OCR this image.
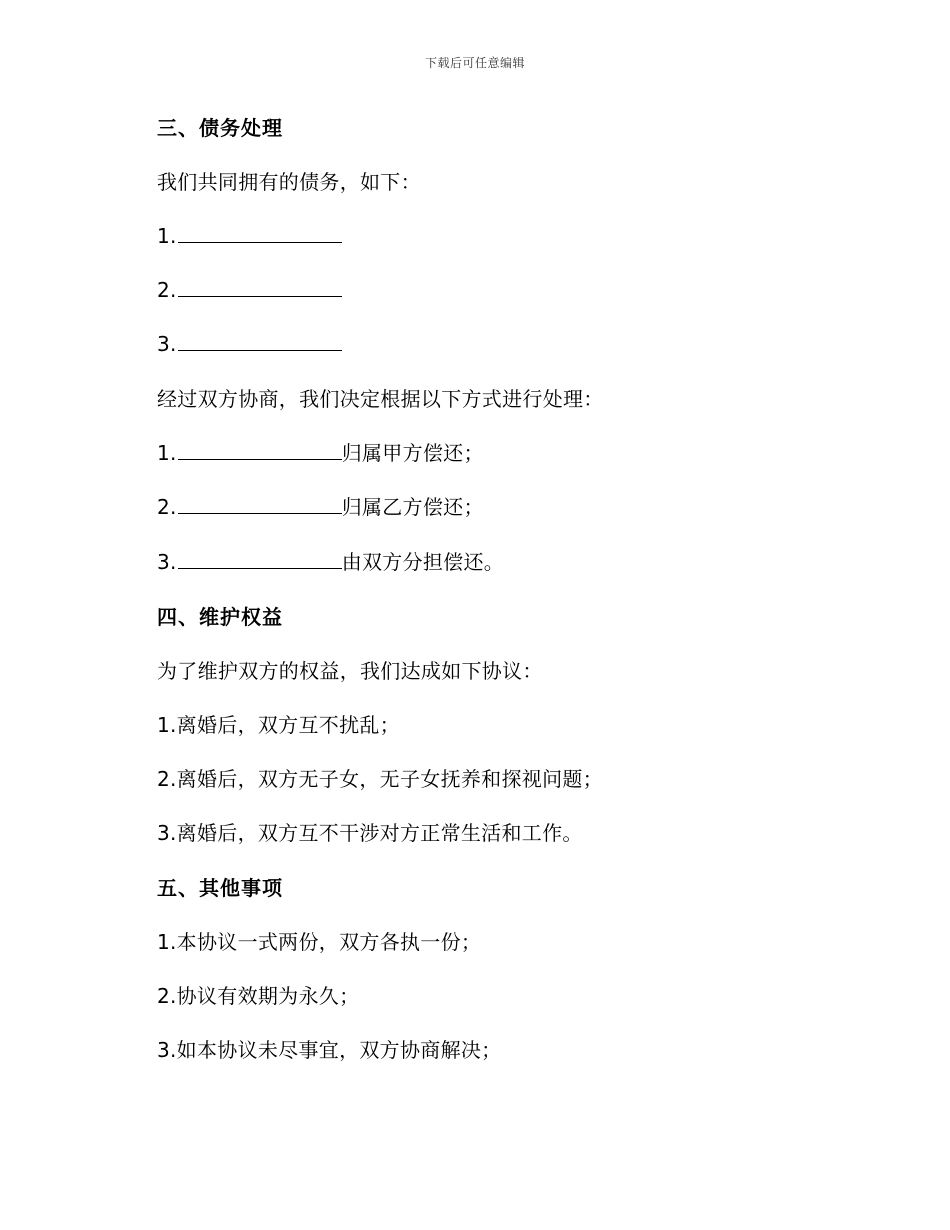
下载后可任意编辑
三、债务处理
我们共同拥有的债务，如下：
1.
2.
3.
经过双方协商，我们决定根据以下方式进行处理：
1.	归属甲方偿还；
2.	归属乙方偿还；
3.	由双方分担偿还。
四、维护权益
为了维护双方的权益，我们达成如下协议：
1.离婚后，双方互不扰乱；
2.离婚后，双方无子女，无子女抚养和探视问题；
3.离婚后，双方互不干涉对方正常生活和工作。
五、其他事项
1.本协议一式两份，双方各执一份；
2.协议有效期为永久；
3.如本协议未尽事宜，双方协商解决；
